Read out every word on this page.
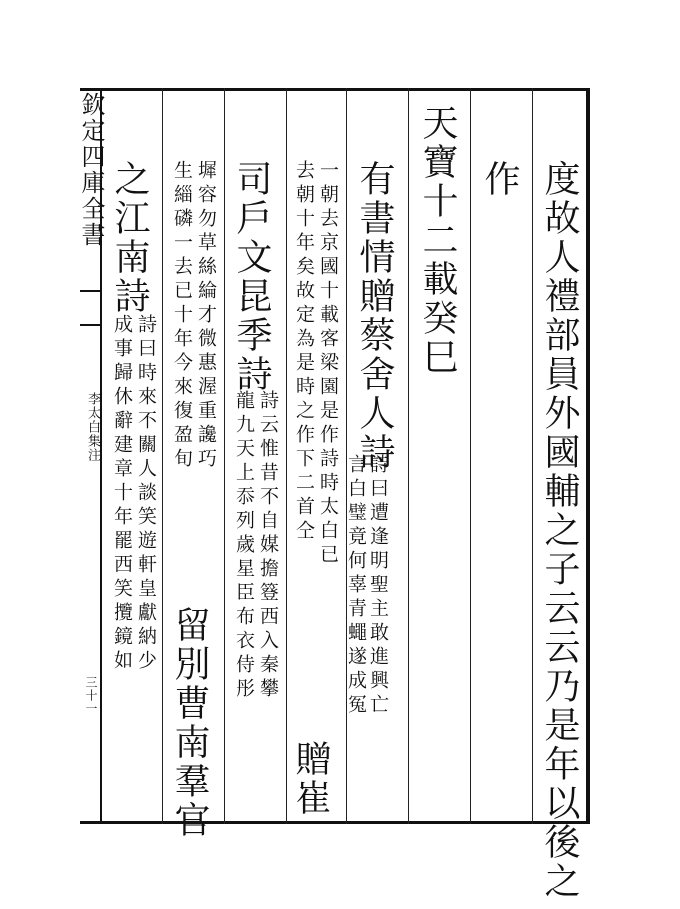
欽定四庫全書
李太白集注
三十一	度故人禮部員外國輔之子云云乃是年以後之
作
天寶十二載癸巳
有書情贈蔡舍人詩
詩曰遭逢明聖主敢進興亡
言白璧竟何辜青蠅遂成冤
一朝去京國十載客梁園是作詩時太白已
去朝十年矣故定為是時之作下二首仝
贈崔
司戶文昆季詩
詩云惟昔不自媒擔簦西入秦攀
龍九天上忝列歲星臣布衣侍彤
墀容勿草絲綸才微惠渥重讒巧
生緇磷一去已十年今來復盈旬
留別曹南羣官
之江南詩
詩曰時來不關人談笑遊軒皇獻納少
成事歸休辭建章十年罷西笑攬鏡如
